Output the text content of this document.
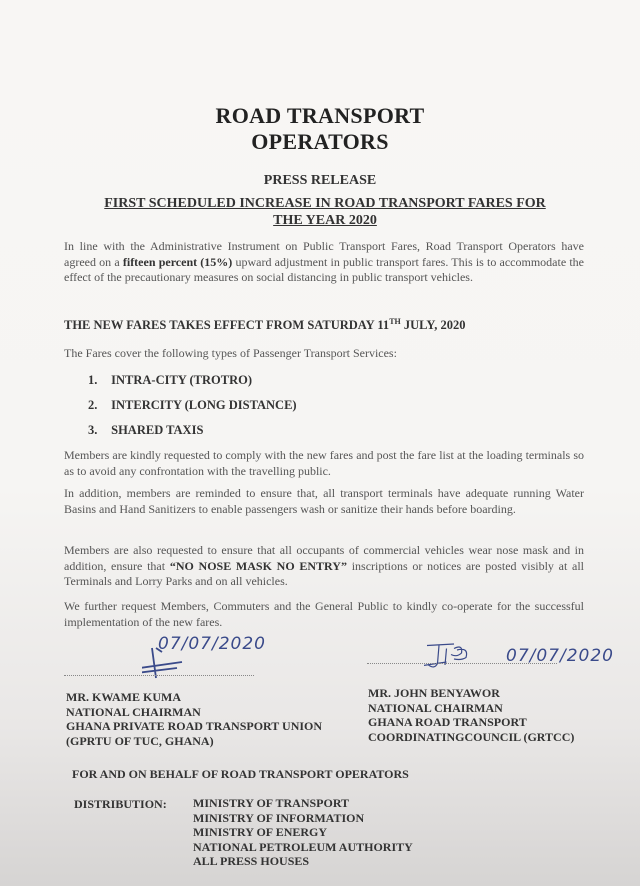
ROAD TRANSPORT
OPERATORS
PRESS RELEASE
FIRST SCHEDULED INCREASE IN ROAD TRANSPORT FARES FOR
THE YEAR 2020
In line with the Administrative Instrument on Public Transport Fares, Road Transport Operators have agreed on a fifteen percent (15%) upward adjustment in public transport fares. This is to accommodate the effect of the precautionary measures on social distancing in public transport vehicles.
THE NEW FARES TAKES EFFECT FROM SATURDAY 11TH JULY, 2020
The Fares cover the following types of Passenger Transport Services:
1. INTRA-CITY (TROTRO)
2. INTERCITY (LONG DISTANCE)
3. SHARED TAXIS
Members are kindly requested to comply with the new fares and post the fare list at the loading terminals so as to avoid any confrontation with the travelling public.
In addition, members are reminded to ensure that, all transport terminals have adequate running Water Basins and Hand Sanitizers to enable passengers wash or sanitize their hands before boarding.
Members are also requested to ensure that all occupants of commercial vehicles wear nose mask and in addition, ensure that “NO NOSE MASK NO ENTRY” inscriptions or notices are posted visibly at all Terminals and Lorry Parks and on all vehicles.
We further request Members, Commuters and the General Public to kindly co-operate for the successful implementation of the new fares.
07/07/2020
MR. KWAME KUMA
NATIONAL CHAIRMAN
GHANA PRIVATE ROAD TRANSPORT UNION
(GPRTU OF TUC, GHANA)
07/07/2020
MR. JOHN BENYAWOR
NATIONAL CHAIRMAN
GHANA ROAD TRANSPORT
COORDINATINGCOUNCIL (GRTCC)
FOR AND ON BEHALF OF ROAD TRANSPORT OPERATORS
DISTRIBUTION: MINISTRY OF TRANSPORT
MINISTRY OF INFORMATION
MINISTRY OF ENERGY
NATIONAL PETROLEUM AUTHORITY
ALL PRESS HOUSES
